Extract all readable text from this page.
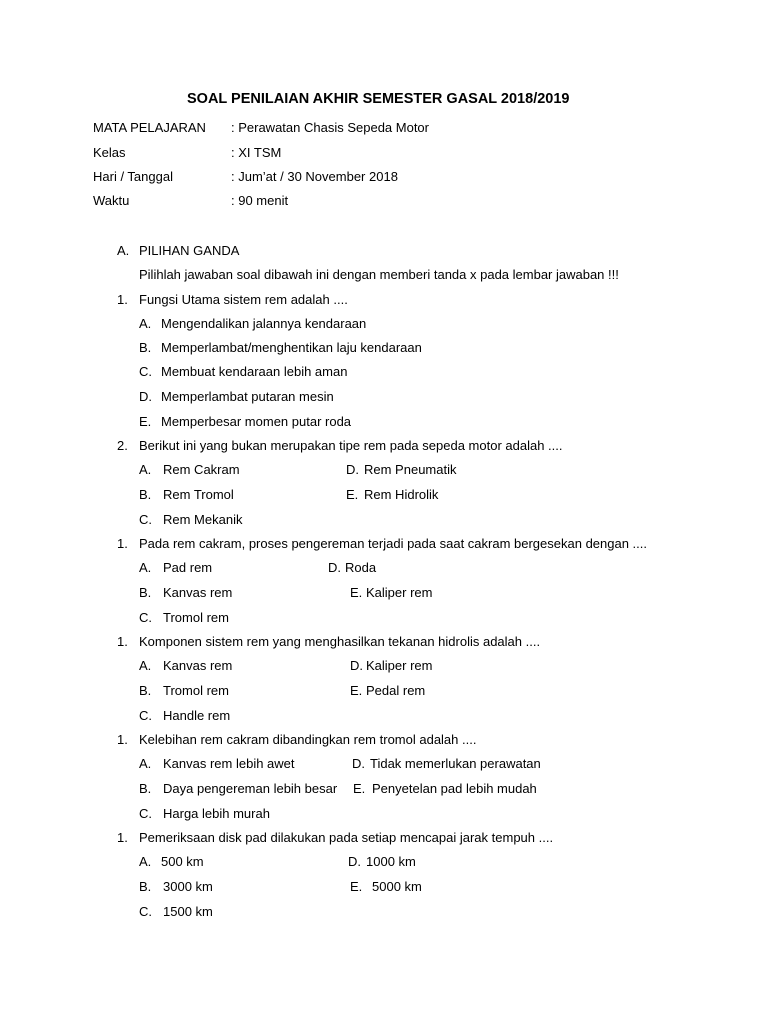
SOAL PENILAIAN AKHIR SEMESTER GASAL 2018/2019
MATA PELAJARAN : Perawatan Chasis Sepeda Motor
Kelas	: XI TSM
Hari / Tanggal	: Jum’at / 30 November 2018
Waktu	: 90 menit
A. PILIHAN GANDA
Pilihlah jawaban soal dibawah ini dengan memberi tanda x pada lembar jawaban !!!
1. Fungsi Utama sistem rem adalah ....
A. Mengendalikan jalannya kendaraan
B. Memperlambat/menghentikan laju kendaraan
C. Membuat kendaraan lebih aman
D. Memperlambat putaran mesin
E. Memperbesar momen putar roda
2. Berikut ini yang bukan merupakan tipe rem pada sepeda motor adalah ....
A. Rem Cakram	D. Rem Pneumatik
B. Rem Tromol	E. Rem Hidrolik
C. Rem Mekanik
1. Pada rem cakram, proses pengereman terjadi pada saat cakram bergesekan dengan ....
A. Pad rem	D. Roda
B. Kanvas rem	E. Kaliper rem
C. Tromol rem
1. Komponen sistem rem yang menghasilkan tekanan hidrolis adalah ....
A. Kanvas rem	D. Kaliper rem
B. Tromol rem	E. Pedal rem
C. Handle rem
1. Kelebihan rem cakram dibandingkan rem tromol adalah ....
A. Kanvas rem lebih awet	D. Tidak memerlukan perawatan
B. Daya pengereman lebih besar E. Penyetelan pad lebih mudah
C. Harga lebih murah
1. Pemeriksaan disk pad dilakukan pada setiap mencapai jarak tempuh ....
A. 500 km	D. 1000 km
B. 3000 km	E. 5000 km
C. 1500 km
